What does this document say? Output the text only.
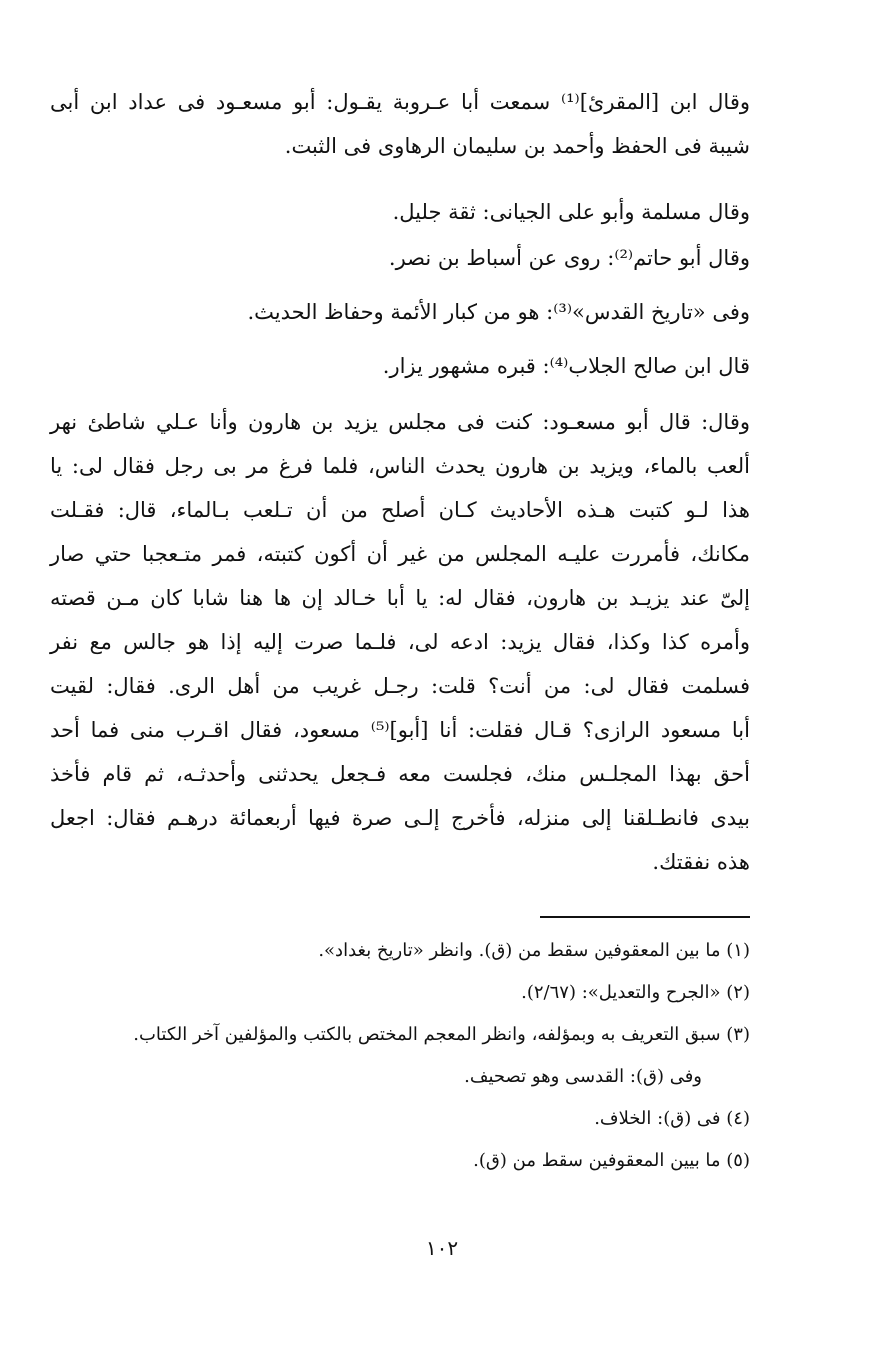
وقال ابن [المقرئ]⁽¹⁾ سمعت أبا عـروبة يقـول: أبو مسعـود فى عداد ابن أبى
شيبة فى الحفظ وأحمد بن سليمان الرهاوى فى الثبت.
وقال مسلمة وأبو على الجيانى: ثقة جليل.
وقال أبو حاتم⁽²⁾: روى عن أسباط بن نصر.
وفى «تاريخ القدس»⁽³⁾: هو من كبار الأئمة وحفاظ الحديث.
قال ابن صالح الجلاب⁽⁴⁾: قبره مشهور يزار.
وقال: قال أبو مسعـود: كنت فى مجلس يزيد بن هارون وأنا عـلي شاطئ نهر
ألعب بالماء، ويزيد بن هارون يحدث الناس، فلما فرغ مر بى رجل فقال لى: يا
هذا لـو كتبت هـذه الأحاديث كـان أصلح من أن تـلعب بـالماء، قال: فقـلت
مكانك، فأمررت عليـه المجلس من غير أن أكون كتبته، فمر متـعجبا حتي صار
إلىّ عند يزيـد بن هارون، فقال له: يا أبا خـالد إن ها هنا شابا كان مـن قصته
وأمره كذا وكذا، فقال يزيد: ادعه لى، فلـما صرت إليه إذا هو جالس مع نفر
فسلمت فقال لى: من أنت؟ قلت: رجـل غريب من أهل الرى. فقال: لقيت
أبا مسعود الرازى؟ قـال فقلت: أنا [أبو]⁽⁵⁾ مسعود، فقال اقـرب منى فما أحد
أحق بهذا المجلـس منك، فجلست معه فـجعل يحدثنى وأحدثـه، ثم قام فأخذ
بيدى فانطـلقنا إلى منزله، فأخرج إلـى صرة فيها أربعمائة درهـم فقال: اجعل
هذه نفقتك.
(١) ما بين المعقوفين سقط من (ق). وانظر «تاريخ بغداد».
(٢) «الجرح والتعديل»: (٢/٦٧).
(٣) سبق التعريف به وبمؤلفه، وانظر المعجم المختص بالكتب والمؤلفين آخر الكتاب.
وفى (ق): القدسى وهو تصحيف.
(٤) فى (ق): الخلاف.
(٥) ما بيين المعقوفين سقط من (ق).
١٠٢
